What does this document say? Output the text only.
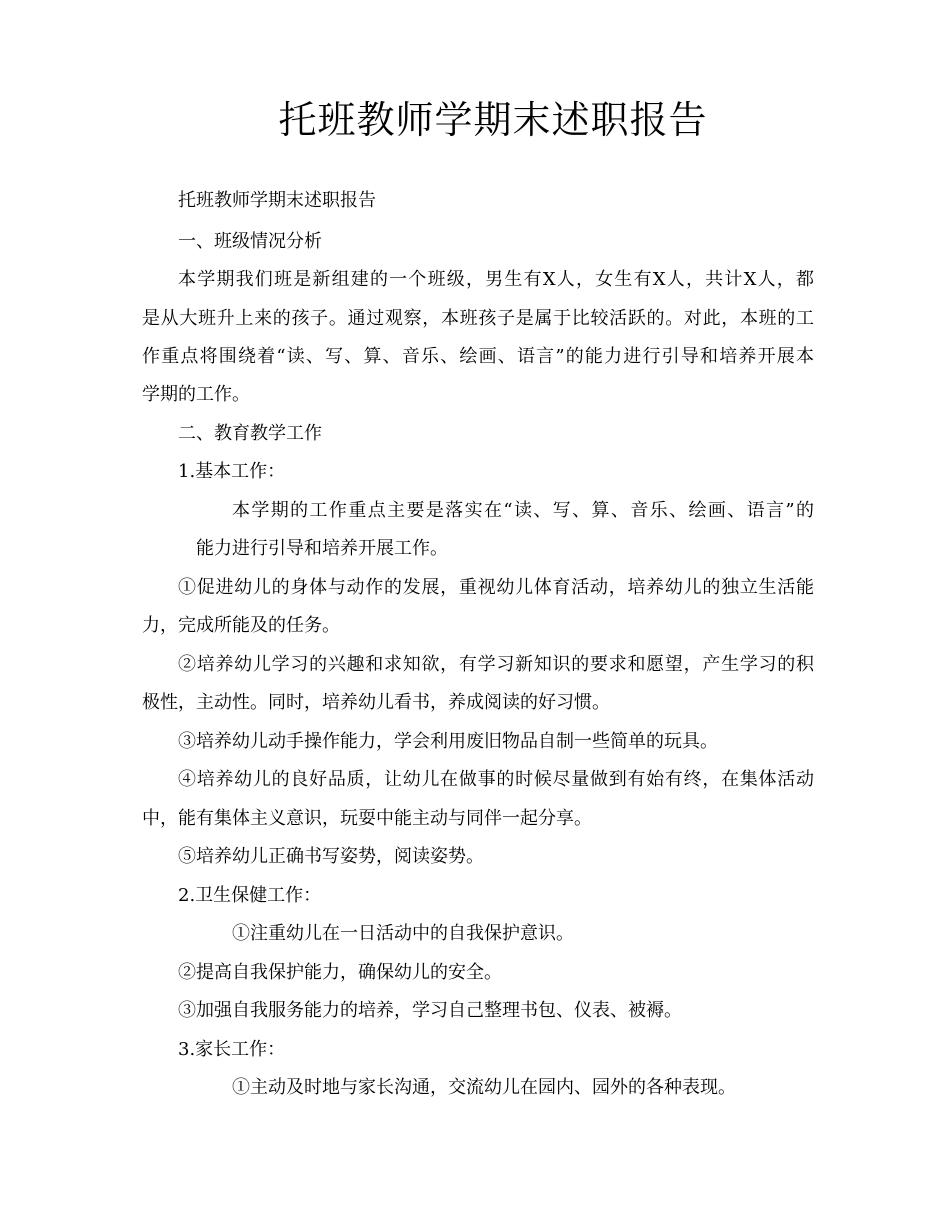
托班教师学期末述职报告

托班教师学期末述职报告

一、班级情况分析

本学期我们班是新组建的一个班级，男生有X人，女生有X人，共计X人，都

是从大班升上来的孩子。通过观察，本班孩子是属于比较活跃的。对此，本班的工

作重点将围绕着“读、写、算、音乐、绘画、语言”的能力进行引导和培养开展本

学期的工作。

二、教育教学工作

1.基本工作：

本学期的工作重点主要是落实在“读、写、算、音乐、绘画、语言”的

能力进行引导和培养开展工作。

①促进幼儿的身体与动作的发展，重视幼儿体育活动，培养幼儿的独立生活能

力，完成所能及的任务。

②培养幼儿学习的兴趣和求知欲，有学习新知识的要求和愿望，产生学习的积

极性，主动性。同时，培养幼儿看书，养成阅读的好习惯。

③培养幼儿动手操作能力，学会利用废旧物品自制一些简单的玩具。

④培养幼儿的良好品质，让幼儿在做事的时候尽量做到有始有终，在集体活动

中，能有集体主义意识，玩耍中能主动与同伴一起分享。

⑤培养幼儿正确书写姿势，阅读姿势。

2.卫生保健工作：

①注重幼儿在一日活动中的自我保护意识。

②提高自我保护能力，确保幼儿的安全。

③加强自我服务能力的培养，学习自己整理书包、仪表、被褥。

3.家长工作：

①主动及时地与家长沟通，交流幼儿在园内、园外的各种表现。
